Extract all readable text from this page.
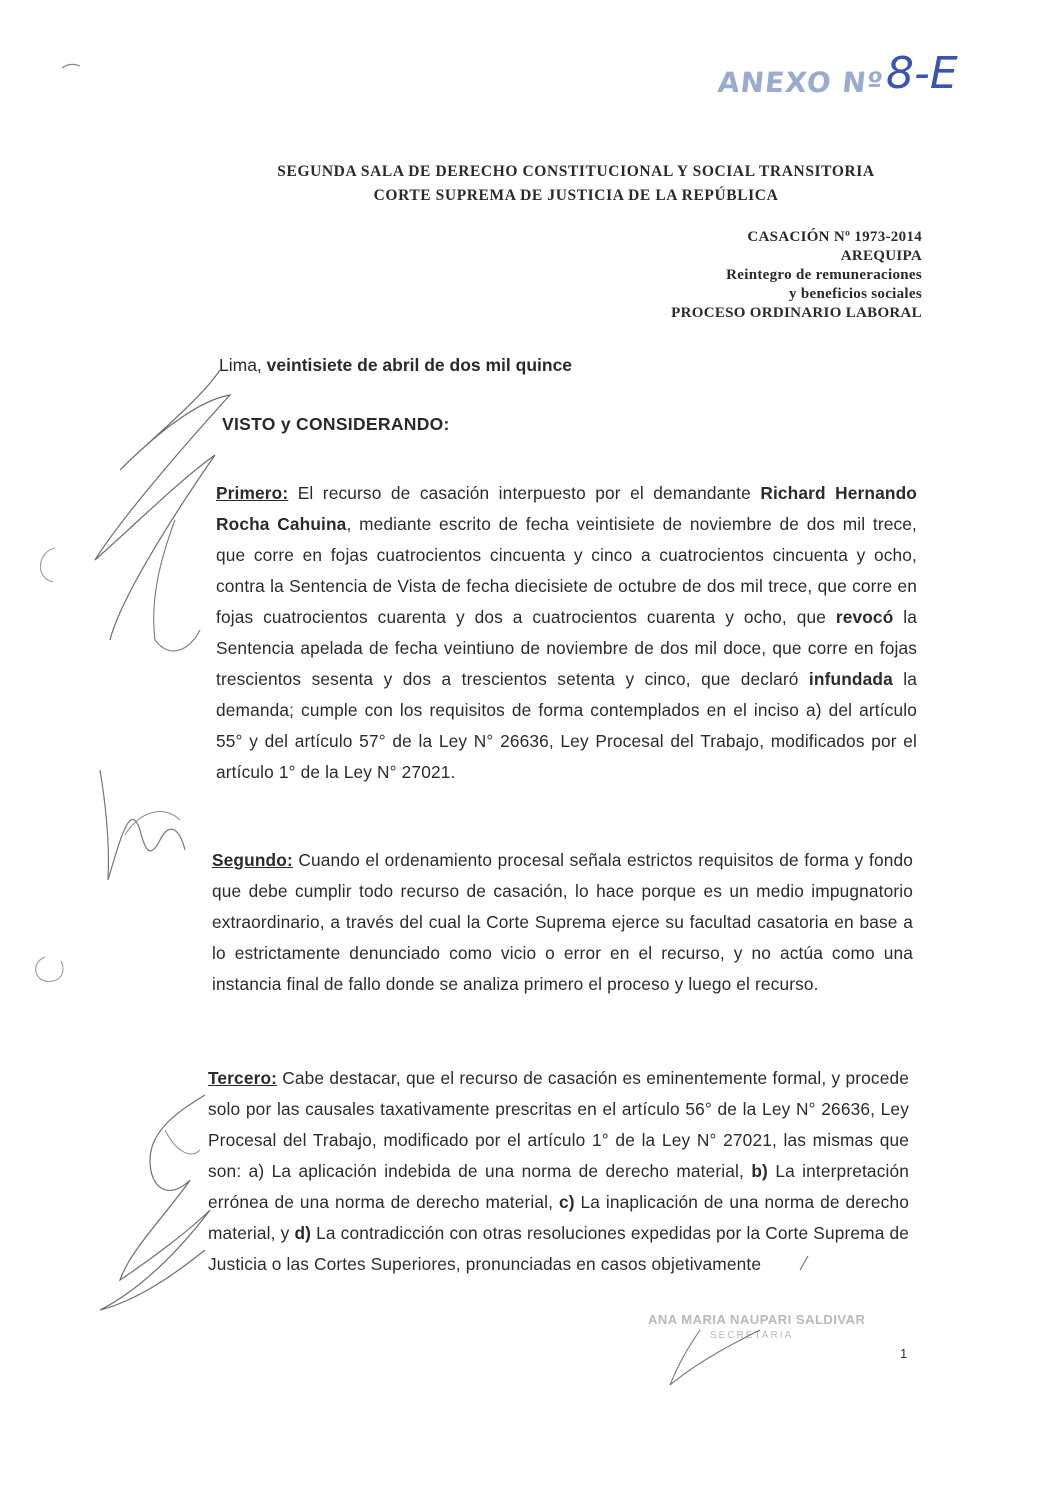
ANEXO Nº 8-E
SEGUNDA SALA DE DERECHO CONSTITUCIONAL Y SOCIAL TRANSITORIA
CORTE SUPREMA DE JUSTICIA DE LA REPÚBLICA
CASACIÓN Nº 1973-2014
AREQUIPA
Reintegro de remuneraciones
y beneficios sociales
PROCESO ORDINARIO LABORAL
Lima, veintisiete de abril de dos mil quince
VISTO y CONSIDERANDO:
Primero: El recurso de casación interpuesto por el demandante Richard Hernando Rocha Cahuina, mediante escrito de fecha veintisiete de noviembre de dos mil trece, que corre en fojas cuatrocientos cincuenta y cinco a cuatrocientos cincuenta y ocho, contra la Sentencia de Vista de fecha diecisiete de octubre de dos mil trece, que corre en fojas cuatrocientos cuarenta y dos a cuatrocientos cuarenta y ocho, que revocó la Sentencia apelada de fecha veintiuno de noviembre de dos mil doce, que corre en fojas trescientos sesenta y dos a trescientos setenta y cinco, que declaró infundada la demanda; cumple con los requisitos de forma contemplados en el inciso a) del artículo 55° y del artículo 57° de la Ley N° 26636, Ley Procesal del Trabajo, modificados por el artículo 1° de la Ley N° 27021.
Segundo: Cuando el ordenamiento procesal señala estrictos requisitos de forma y fondo que debe cumplir todo recurso de casación, lo hace porque es un medio impugnatorio extraordinario, a través del cual la Corte Suprema ejerce su facultad casatoria en base a lo estrictamente denunciado como vicio o error en el recurso, y no actúa como una instancia final de fallo donde se analiza primero el proceso y luego el recurso.
Tercero: Cabe destacar, que el recurso de casación es eminentemente formal, y procede solo por las causales taxativamente prescritas en el artículo 56° de la Ley N° 26636, Ley Procesal del Trabajo, modificado por el artículo 1° de la Ley N° 27021, las mismas que son: a) La aplicación indebida de una norma de derecho material, b) La interpretación errónea de una norma de derecho material, c) La inaplicación de una norma de derecho material, y d) La contradicción con otras resoluciones expedidas por la Corte Suprema de Justicia o las Cortes Superiores, pronunciadas en casos objetivamente
ANA MARIA NAUPARI SALDIVAR
SECRETARIA
1
